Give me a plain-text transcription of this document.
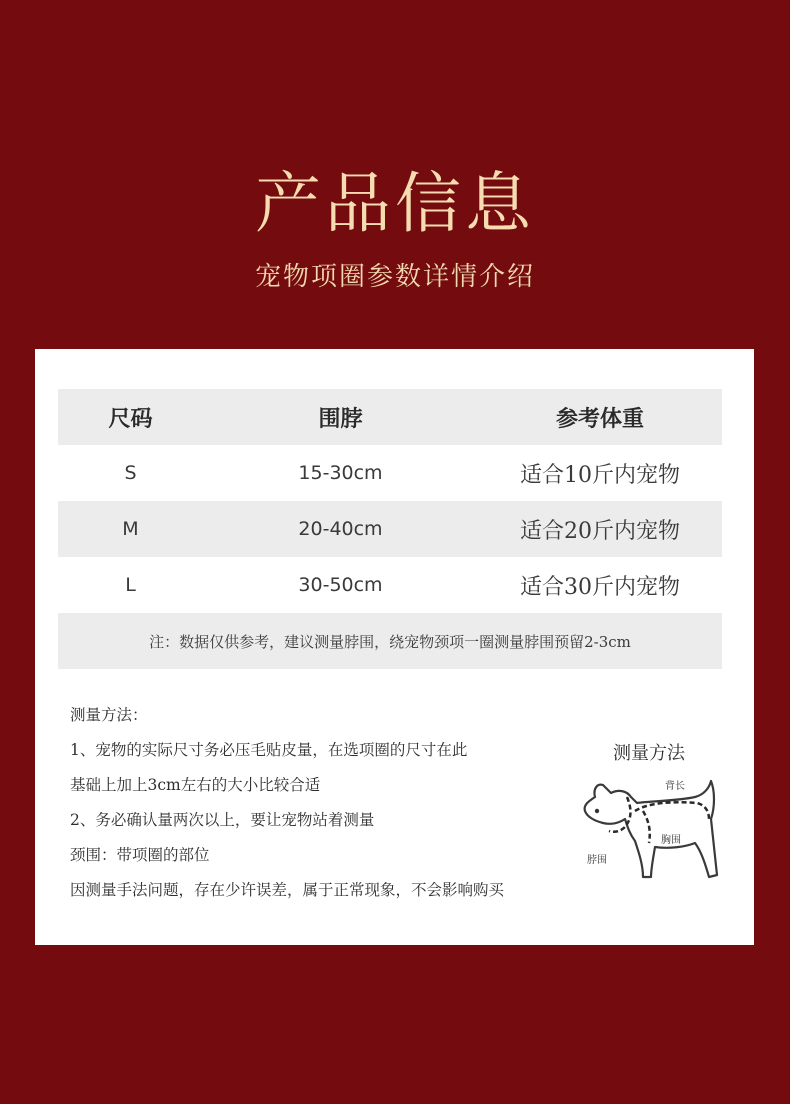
产品信息
宠物项圈参数详情介绍
尺码	围脖	参考体重
S	15-30cm	适合10斤内宠物
M	20-40cm	适合20斤内宠物
L	30-50cm	适合30斤内宠物
注：数据仅供参考，建议测量脖围，绕宠物颈项一圈测量脖围预留2-3cm
测量方法：
1、宠物的实际尺寸务必压毛贴皮量，在选项圈的尺寸在此
基础上加上3cm左右的大小比较合适
2、务必确认量两次以上，要让宠物站着测量
颈围：带项圈的部位
因测量手法问题，存在少许误差，属于正常现象，不会影响购买
测量方法
背长
脖围
胸围
